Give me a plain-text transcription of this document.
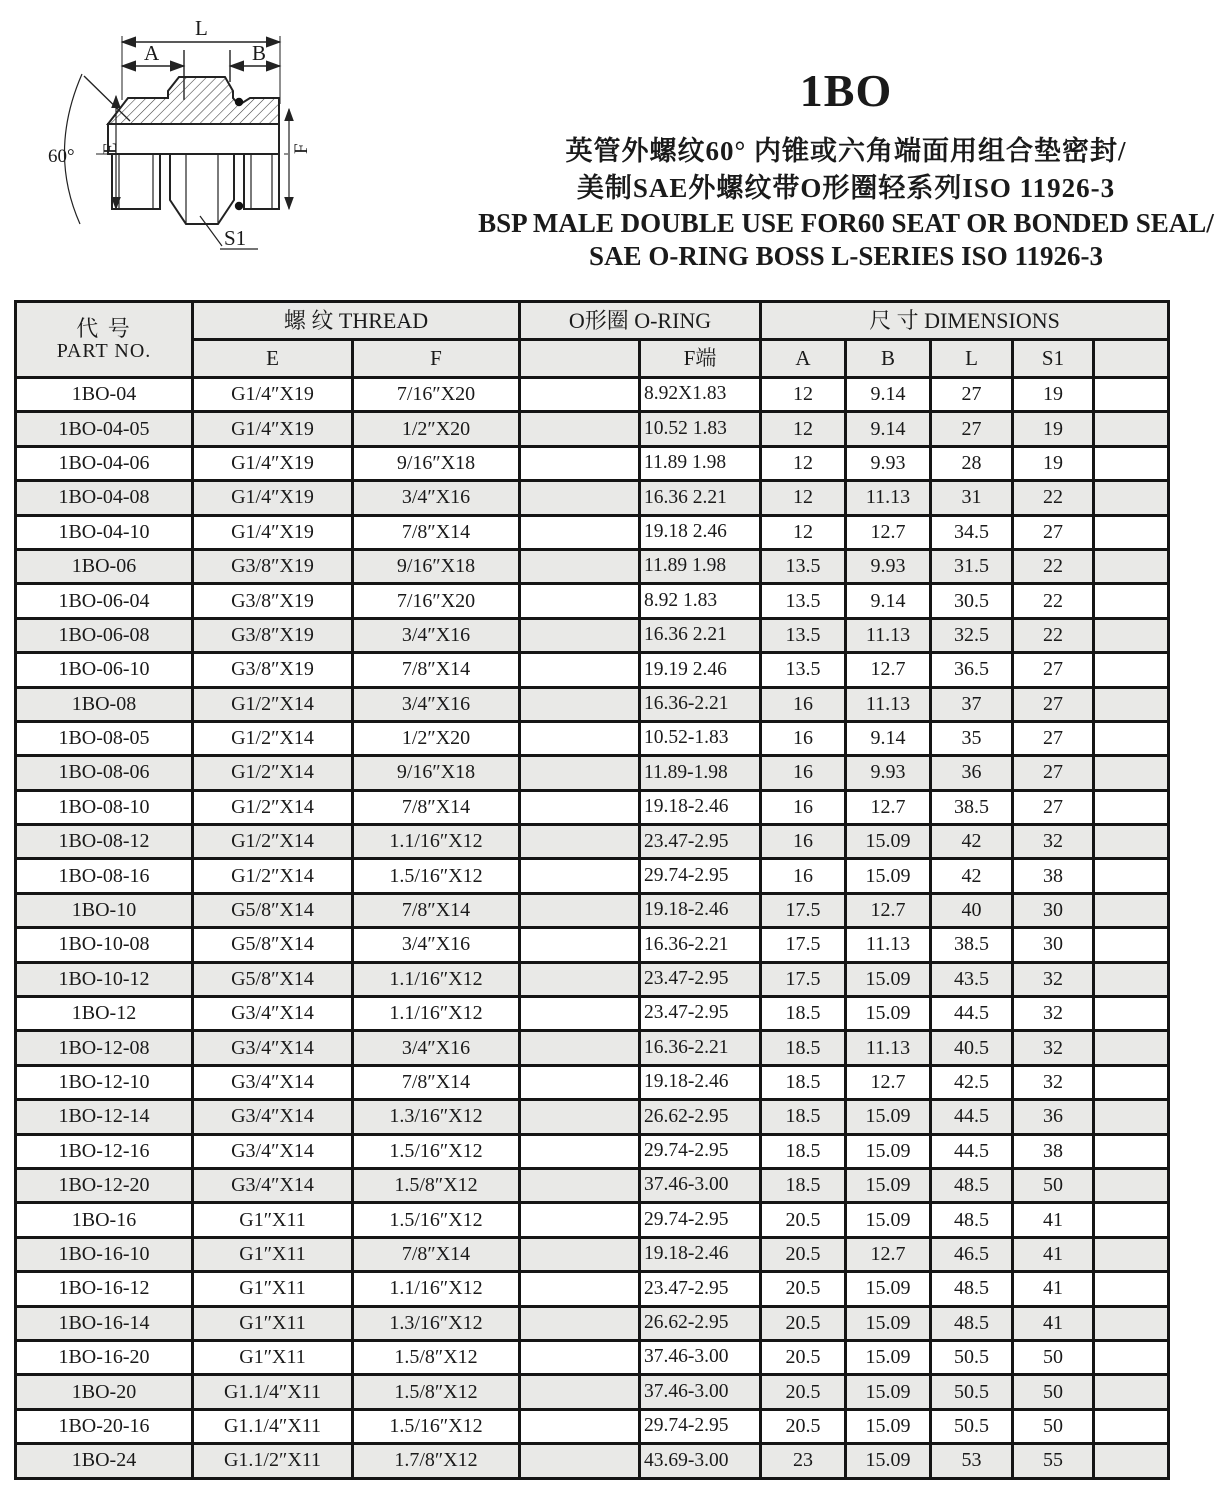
L
A	B
E	F
60°
S1
1BO
英管外螺纹60° 内锥或六角端面用组合垫密封/
美制SAE外螺纹带O形圈轻系列ISO 11926-3
BSP MALE DOUBLE USE FOR60 SEAT OR BONDED SEAL/
SAE O-RING BOSS L-SERIES ISO 11926-3
代 号
PART NO.	螺 纹 THREAD		O形圈 O-RING		尺 寸 DIMENSIONS				
	E	F		F端	A	B	L	S1	
1BO-04	G1/4″X19	7/16″X20		8.92X1.83	12	9.14	27	19	
1BO-04-05	G1/4″X19	1/2″X20		10.52 1.83	12	9.14	27	19	
1BO-04-06	G1/4″X19	9/16″X18		11.89 1.98	12	9.93	28	19	
1BO-04-08	G1/4″X19	3/4″X16		16.36 2.21	12	11.13	31	22	
1BO-04-10	G1/4″X19	7/8″X14		19.18 2.46	12	12.7	34.5	27	
1BO-06	G3/8″X19	9/16″X18		11.89 1.98	13.5	9.93	31.5	22	
1BO-06-04	G3/8″X19	7/16″X20		8.92 1.83	13.5	9.14	30.5	22	
1BO-06-08	G3/8″X19	3/4″X16		16.36 2.21	13.5	11.13	32.5	22	
1BO-06-10	G3/8″X19	7/8″X14		19.19 2.46	13.5	12.7	36.5	27	
1BO-08	G1/2″X14	3/4″X16		16.36-2.21	16	11.13	37	27	
1BO-08-05	G1/2″X14	1/2″X20		10.52-1.83	16	9.14	35	27	
1BO-08-06	G1/2″X14	9/16″X18		11.89-1.98	16	9.93	36	27	
1BO-08-10	G1/2″X14	7/8″X14		19.18-2.46	16	12.7	38.5	27	
1BO-08-12	G1/2″X14	1.1/16″X12		23.47-2.95	16	15.09	42	32	
1BO-08-16	G1/2″X14	1.5/16″X12		29.74-2.95	16	15.09	42	38	
1BO-10	G5/8″X14	7/8″X14		19.18-2.46	17.5	12.7	40	30	
1BO-10-08	G5/8″X14	3/4″X16		16.36-2.21	17.5	11.13	38.5	30	
1BO-10-12	G5/8″X14	1.1/16″X12		23.47-2.95	17.5	15.09	43.5	32	
1BO-12	G3/4″X14	1.1/16″X12		23.47-2.95	18.5	15.09	44.5	32	
1BO-12-08	G3/4″X14	3/4″X16		16.36-2.21	18.5	11.13	40.5	32	
1BO-12-10	G3/4″X14	7/8″X14		19.18-2.46	18.5	12.7	42.5	32	
1BO-12-14	G3/4″X14	1.3/16″X12		26.62-2.95	18.5	15.09	44.5	36	
1BO-12-16	G3/4″X14	1.5/16″X12		29.74-2.95	18.5	15.09	44.5	38	
1BO-12-20	G3/4″X14	1.5/8″X12		37.46-3.00	18.5	15.09	48.5	50	
1BO-16	G1″X11	1.5/16″X12		29.74-2.95	20.5	15.09	48.5	41	
1BO-16-10	G1″X11	7/8″X14		19.18-2.46	20.5	12.7	46.5	41	
1BO-16-12	G1″X11	1.1/16″X12		23.47-2.95	20.5	15.09	48.5	41	
1BO-16-14	G1″X11	1.3/16″X12		26.62-2.95	20.5	15.09	48.5	41	
1BO-16-20	G1″X11	1.5/8″X12		37.46-3.00	20.5	15.09	50.5	50	
1BO-20	G1.1/4″X11	1.5/8″X12		37.46-3.00	20.5	15.09	50.5	50	
1BO-20-16	G1.1/4″X11	1.5/16″X12		29.74-2.95	20.5	15.09	50.5	50	
1BO-24	G1.1/2″X11	1.7/8″X12		43.69-3.00	23	15.09	53	55	
